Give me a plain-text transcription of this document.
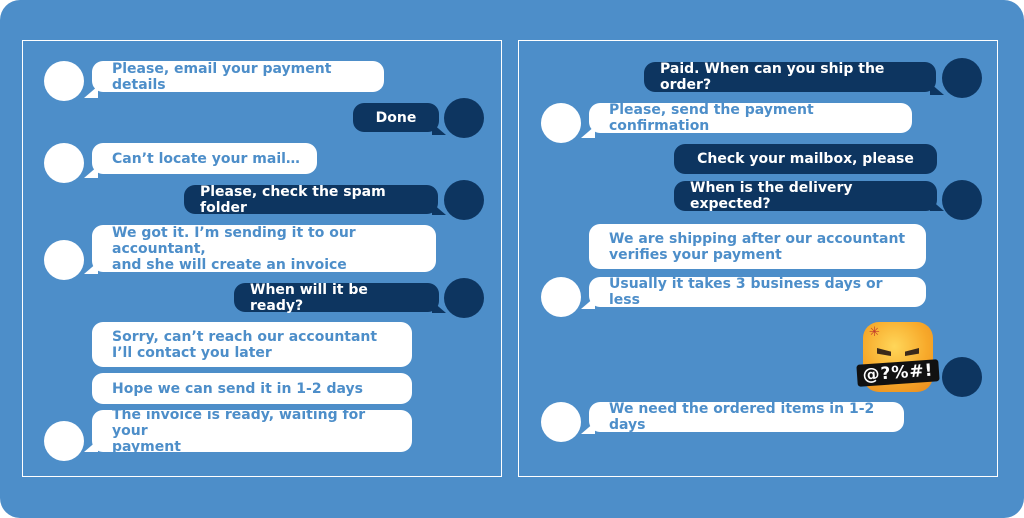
Please, email your payment details
Done
Can’t locate your mail…
Please, check the spam folder
We got it. I’m sending it to our accountant,
and she will create an invoice
When will it be ready?
Sorry, can’t reach our accountant
I’ll contact you later
Hope we can send it in 1-2 days
The invoice is ready, waiting for your
payment
Paid. When can you ship the order?
Please, send the payment confirmation
Check your mailbox, please
When is the delivery expected?
We are shipping after our accountant
verifies your payment
Usually it takes 3 business days or less
✳
@?%#!
We need the ordered items in 1-2 days
